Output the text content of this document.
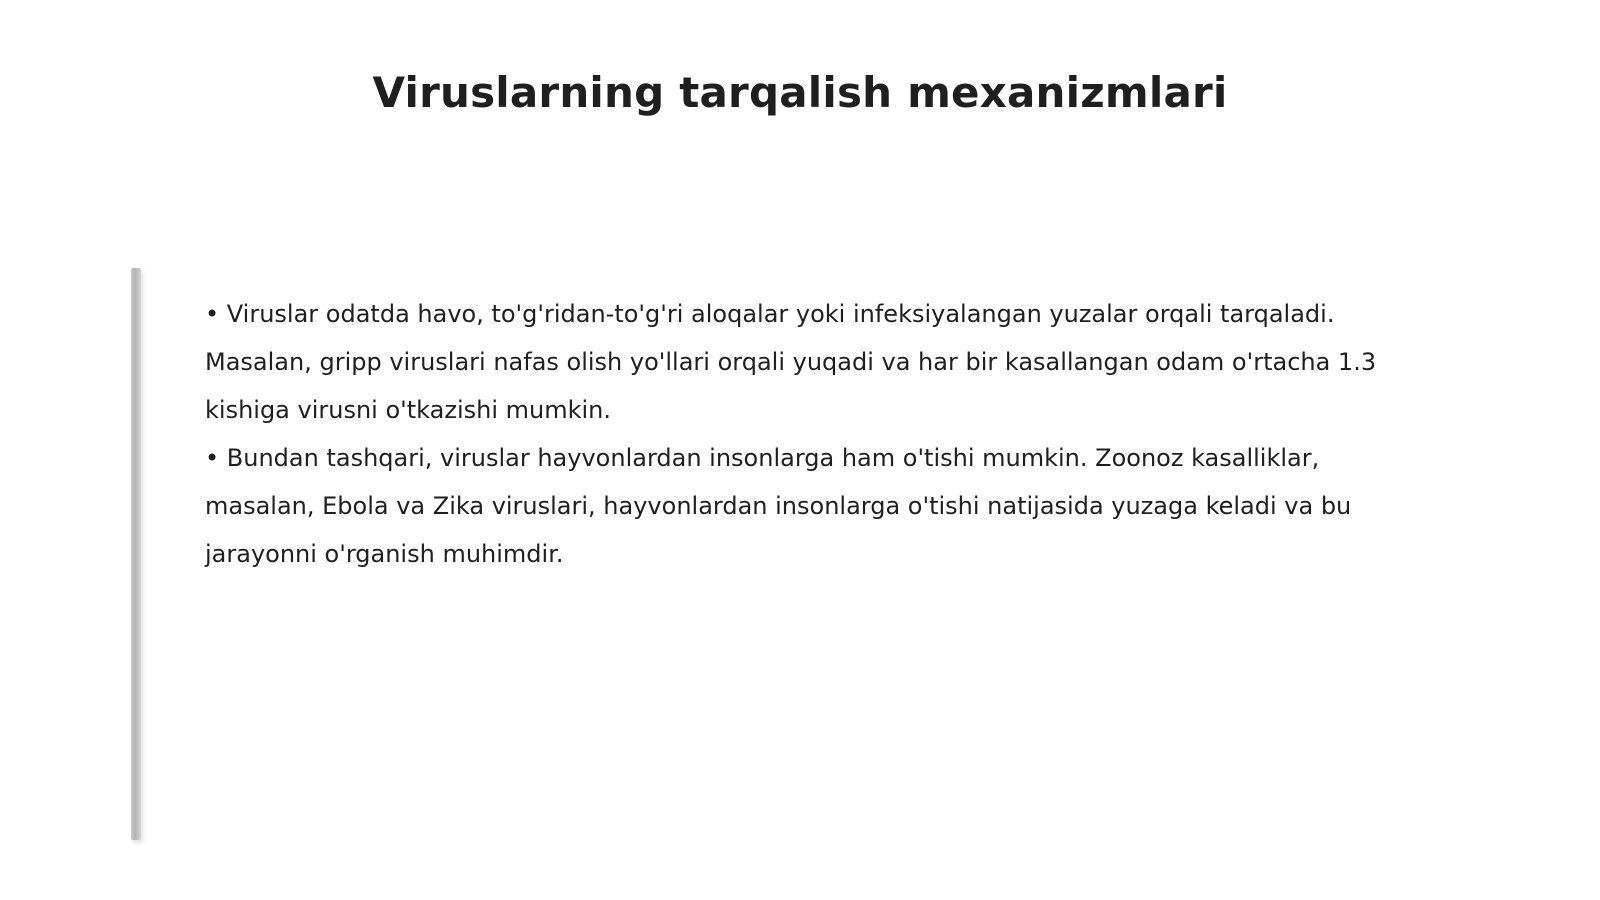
Viruslarning tarqalish mexanizmlari

• Viruslar odatda havo, to'g'ridan-to'g'ri aloqalar yoki infeksiyalangan yuzalar orqali tarqaladi. Masalan, gripp viruslari nafas olish yo'llari orqali yuqadi va har bir kasallangan odam o'rtacha 1.3 kishiga virusni o'tkazishi mumkin.

• Bundan tashqari, viruslar hayvonlardan insonlarga ham o'tishi mumkin. Zoonoz kasalliklar, masalan, Ebola va Zika viruslari, hayvonlardan insonlarga o'tishi natijasida yuzaga keladi va bu jarayonni o'rganish muhimdir.
